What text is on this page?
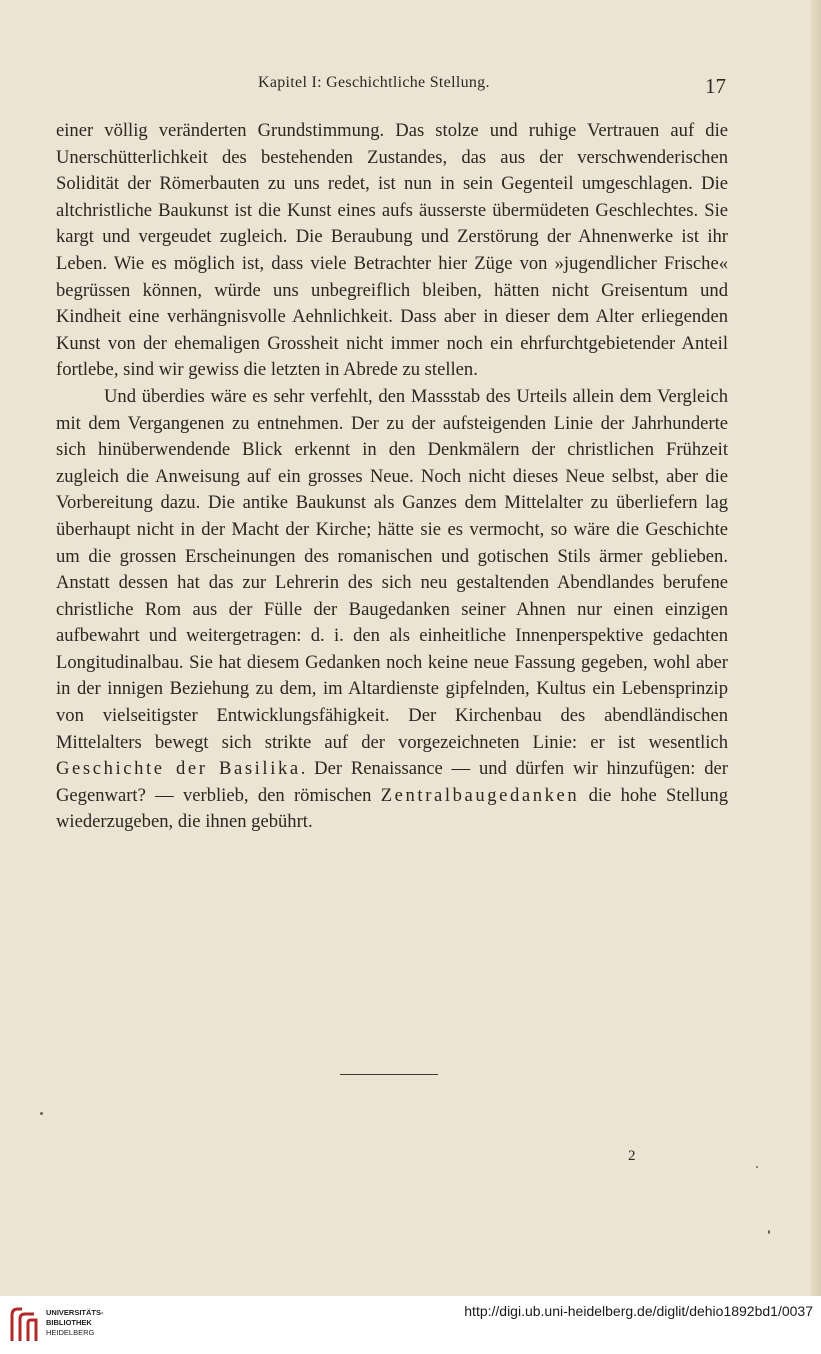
Kapitel I: Geschichtliche Stellung.	17

einer völlig veränderten Grundstimmung. Das stolze und ruhige Vertrauen auf die Unerschütterlichkeit des bestehenden Zustandes, das aus der verschwenderischen Solidität der Römerbauten zu uns redet, ist nun in sein Gegenteil umgeschlagen. Die altchristliche Baukunst ist die Kunst eines aufs äusserste übermüdeten Geschlechtes. Sie kargt und vergeudet zugleich. Die Beraubung und Zerstörung der Ahnenwerke ist ihr Leben. Wie es möglich ist, dass viele Betrachter hier Züge von »jugendlicher Frische« begrüssen können, würde uns unbegreiflich bleiben, hätten nicht Greisentum und Kindheit eine verhängnisvolle Aehnlichkeit. Dass aber in dieser dem Alter erliegenden Kunst von der ehemaligen Grossheit nicht immer noch ein ehrfurchtgebietender Anteil fortlebe, sind wir gewiss die letzten in Abrede zu stellen.

Und überdies wäre es sehr verfehlt, den Massstab des Urteils allein dem Vergleich mit dem Vergangenen zu entnehmen. Der zu der aufsteigenden Linie der Jahrhunderte sich hinüberwendende Blick erkennt in den Denkmälern der christlichen Frühzeit zugleich die Anweisung auf ein grosses Neue. Noch nicht dieses Neue selbst, aber die Vorbereitung dazu. Die antike Baukunst als Ganzes dem Mittelalter zu überliefern lag überhaupt nicht in der Macht der Kirche; hätte sie es vermocht, so wäre die Geschichte um die grossen Erscheinungen des romanischen und gotischen Stils ärmer geblieben. Anstatt dessen hat das zur Lehrerin des sich neu gestaltenden Abendlandes berufene christliche Rom aus der Fülle der Baugedanken seiner Ahnen nur einen einzigen aufbewahrt und weitergetragen: d. i. den als einheitliche Innenperspektive gedachten Longitudinalbau. Sie hat diesem Gedanken noch keine neue Fassung gegeben, wohl aber in der innigen Beziehung zu dem, im Altardienste gipfelnden, Kultus ein Lebensprinzip von vielseitigster Entwicklungsfähigkeit. Der Kirchenbau des abendländischen Mittelalters bewegt sich strikte auf der vorgezeichneten Linie: er ist wesentlich Geschichte der Basilika. Der Renaissance — und dürfen wir hinzufügen: der Gegenwart? — verblieb, den römischen Zentralbaugedanken die hohe Stellung wiederzugeben, die ihnen gebührt.

2
UNIVERSITÄTS-
BIBLIOTHEK
HEIDELBERG
http://digi.ub.uni-heidelberg.de/diglit/dehio1892bd1/0037
